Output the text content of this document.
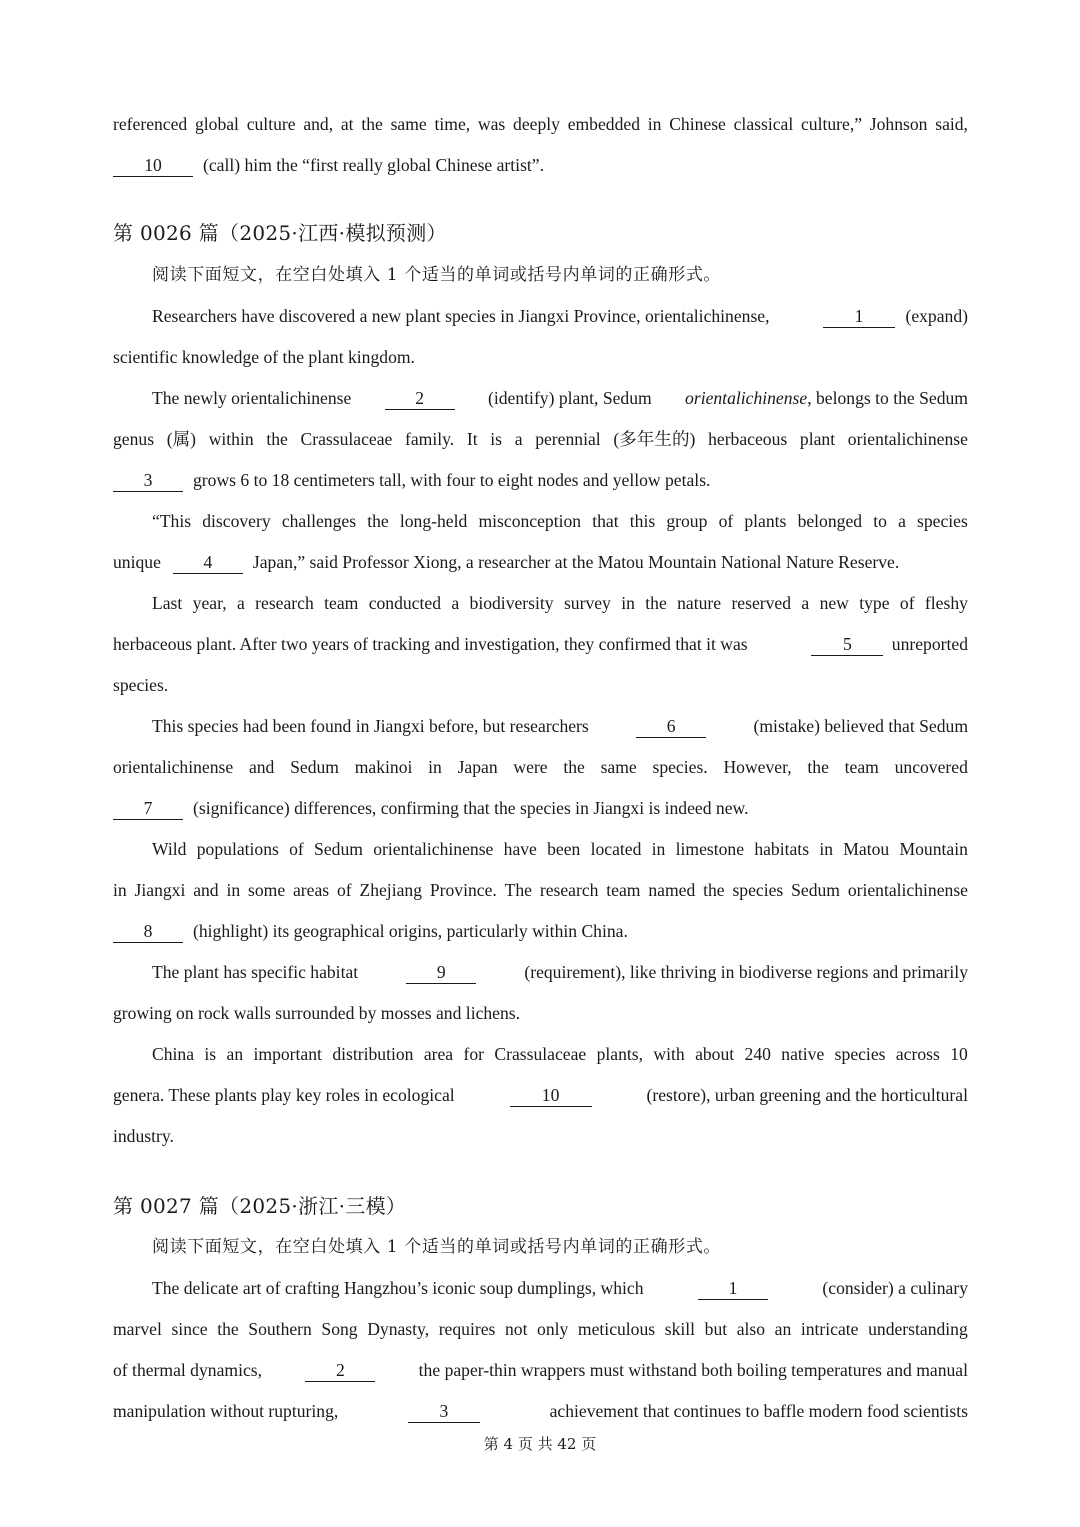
referenced global culture and, at the same time, was deeply embedded in Chinese classical culture,” Johnson said,
10	(call) him the “first really global Chinese artist”.
第 0026 篇（2025·江西·模拟预测）
阅读下面短文，在空白处填入 1 个适当的单词或括号内单词的正确形式。
Researchers have discovered a new plant species in Jiangxi Province, orientalichinense,	1 (expand)
scientific knowledge of the plant kingdom.
The newly orientalichinense	2	(identify) plant, Sedum orientalichinense, belongs to the Sedum
genus (属) within the Crassulaceae family. It is a perennial (多年生的) herbaceous plant orientalichinense
3	grows 6 to 18 centimeters tall, with four to eight nodes and yellow petals.
“This discovery challenges the long-held misconception that this group of plants belonged to a species
unique	4	Japan,” said Professor Xiong, a researcher at the Matou Mountain National Nature Reserve.
Last year, a research team conducted a biodiversity survey in the nature reserved a new type of fleshy
herbaceous plant. After two years of tracking and investigation, they confirmed that it was	5 unreported
species.
This species had been found in Jiangxi before, but researchers	6	(mistake) believed that Sedum
orientalichinense and Sedum makinoi in Japan were the same species. However, the team uncovered
7	(significance) differences, confirming that the species in Jiangxi is indeed new.
Wild populations of Sedum orientalichinense have been located in limestone habitats in Matou Mountain
in Jiangxi and in some areas of Zhejiang Province. The research team named the species Sedum orientalichinense
8	(highlight) its geographical origins, particularly within China.
The plant has specific habitat	9	(requirement), like thriving in biodiverse regions and primarily
growing on rock walls surrounded by mosses and lichens.
China is an important distribution area for Crassulaceae plants, with about 240 native species across 10
genera. These plants play key roles in ecological	10	(restore), urban greening and the horticultural
industry.
第 0027 篇（2025·浙江·三模）
阅读下面短文，在空白处填入 1 个适当的单词或括号内单词的正确形式。
The delicate art of crafting Hangzhou’s iconic soup dumplings, which	1	(consider) a culinary
marvel since the Southern Song Dynasty, requires not only meticulous skill but also an intricate understanding
of thermal dynamics,	2	the paper-thin wrappers must withstand both boiling temperatures and manual
manipulation without rupturing,	3	achievement that continues to baffle modern food scientists
第 4 页 共 42 页
